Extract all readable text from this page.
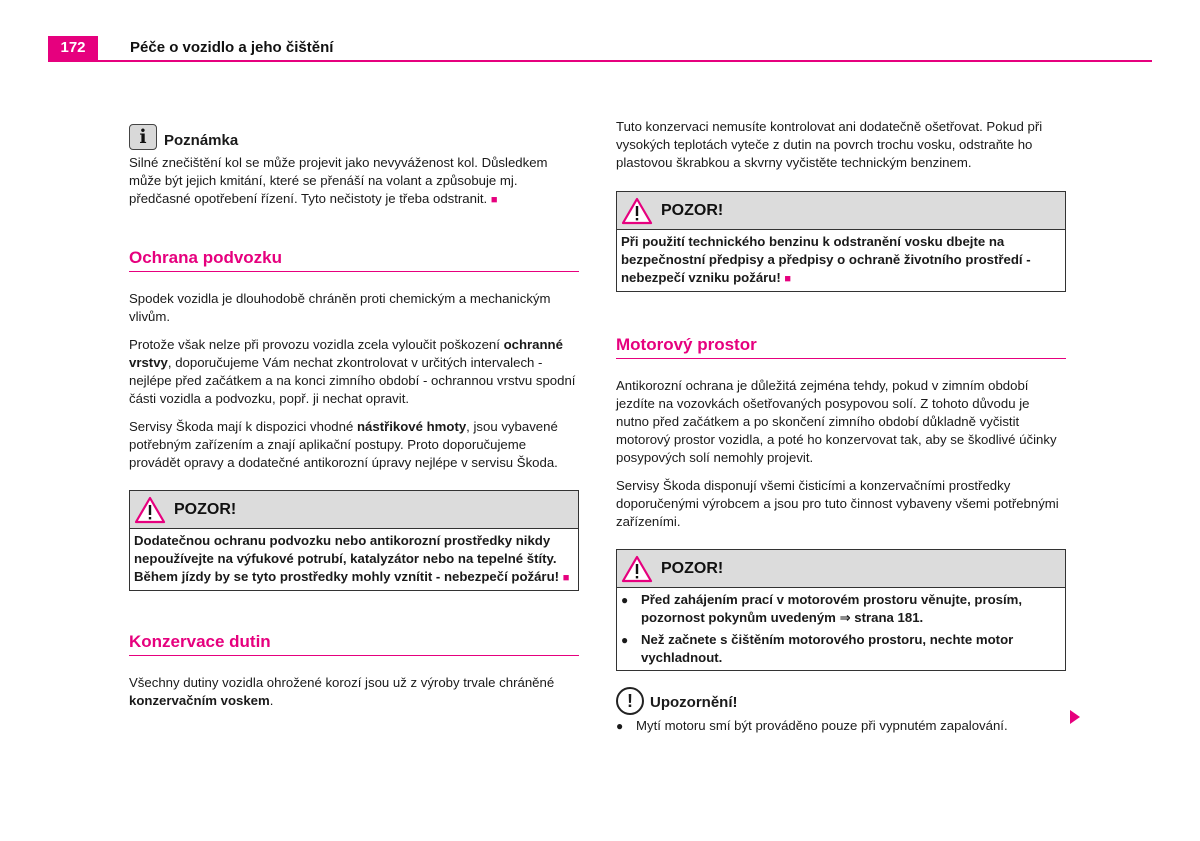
172	Péče o vozidlo a jeho čištění
i Poznámka

Silné znečištění kol se může projevit jako nevyváženost kol. Důsledkem může být jejich kmitání, které se přenáší na volant a způsobuje mj. předčasné opotřebení řízení. Tyto nečistoty je třeba odstranit. ■

Ochrana podvozku

Spodek vozidla je dlouhodobě chráněn proti chemickým a mechanickým vlivům.

Protože však nelze při provozu vozidla zcela vyloučit poškození ochranné vrstvy, doporučujeme Vám nechat zkontrolovat v určitých intervalech - nejlépe před začátkem a na konci zimního období - ochrannou vrstvu spodní části vozidla a podvozku, popř. ji nechat opravit.

Servisy Škoda mají k dispozici vhodné nástřikové hmoty, jsou vybavené potřebným zařízením a znají aplikační postupy. Proto doporučujeme provádět opravy a dodatečné antikorozní úpravy nejlépe v servisu Škoda.

POZOR!
Dodatečnou ochranu podvozku nebo antikorozní prostředky nikdy nepoužívejte na výfukové potrubí, katalyzátor nebo na tepelné štíty. Během jízdy by se tyto prostředky mohly vznítit - nebezpečí požáru! ■
Konzervace dutin

Všechny dutiny vozidla ohrožené korozí jsou už z výroby trvale chráněné konzervačním voskem.

Tuto konzervaci nemusíte kontrolovat ani dodatečně ošetřovat. Pokud při vysokých teplotách vyteče z dutin na povrch trochu vosku, odstraňte ho plastovou škrabkou a skvrny vyčistěte technickým benzinem.

POZOR!
Při použití technického benzinu k odstranění vosku dbejte na bezpečnostní předpisy a předpisy o ochraně životního prostředí - nebezpečí vzniku požáru! ■
Motorový prostor

Antikorozní ochrana je důležitá zejména tehdy, pokud v zimním období jezdíte na vozovkách ošetřovaných posypovou solí. Z tohoto důvodu je nutno před začátkem a po skončení zimního období důkladně vyčistit motorový prostor vozidla, a poté ho konzervovat tak, aby se škodlivé účinky posypových solí nemohly projevit.

Servisy Škoda disponují všemi čisticími a konzervačními prostředky doporučenými výrobcem a jsou pro tuto činnost vybaveny všemi potřebnými zařízeními.

POZOR!
● Před zahájením prací v motorovém prostoru věnujte, prosím, pozornost pokynům uvedeným ⇒ strana 181.
● Než začnete s čištěním motorového prostoru, nechte motor vychladnout.
!	Upozornění!
● Mytí motoru smí být prováděno pouze při vypnutém zapalování.
